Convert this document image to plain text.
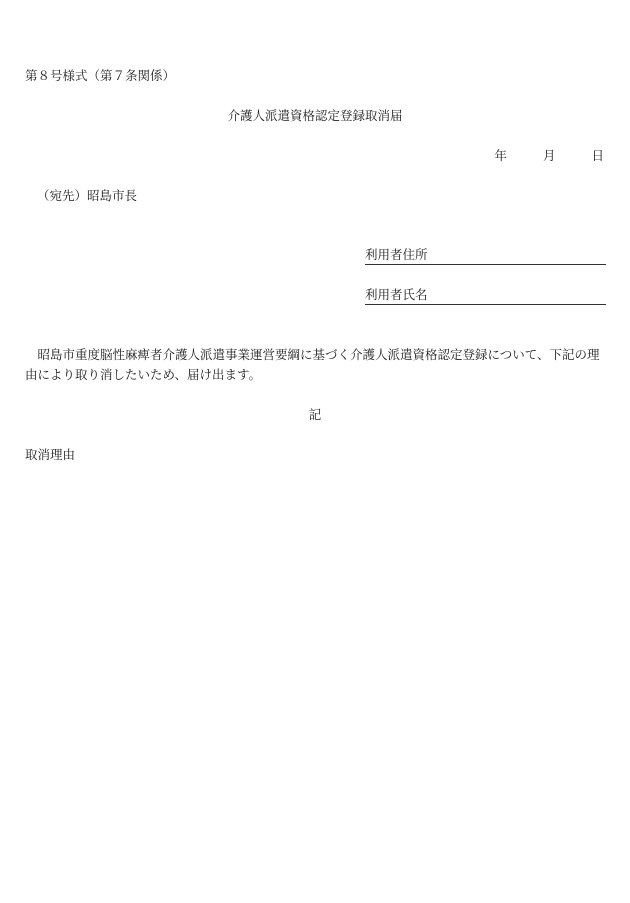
第８号様式（第７条関係）
介護人派遣資格認定登録取消届
年	月	日
（宛先）昭島市長
利用者住所
利用者氏名
昭島市重度脳性麻痺者介護人派遣事業運営要綱に基づく介護人派遣資格認定登録について、下記の理由により取り消したいため、届け出ます。
記
取消理由
